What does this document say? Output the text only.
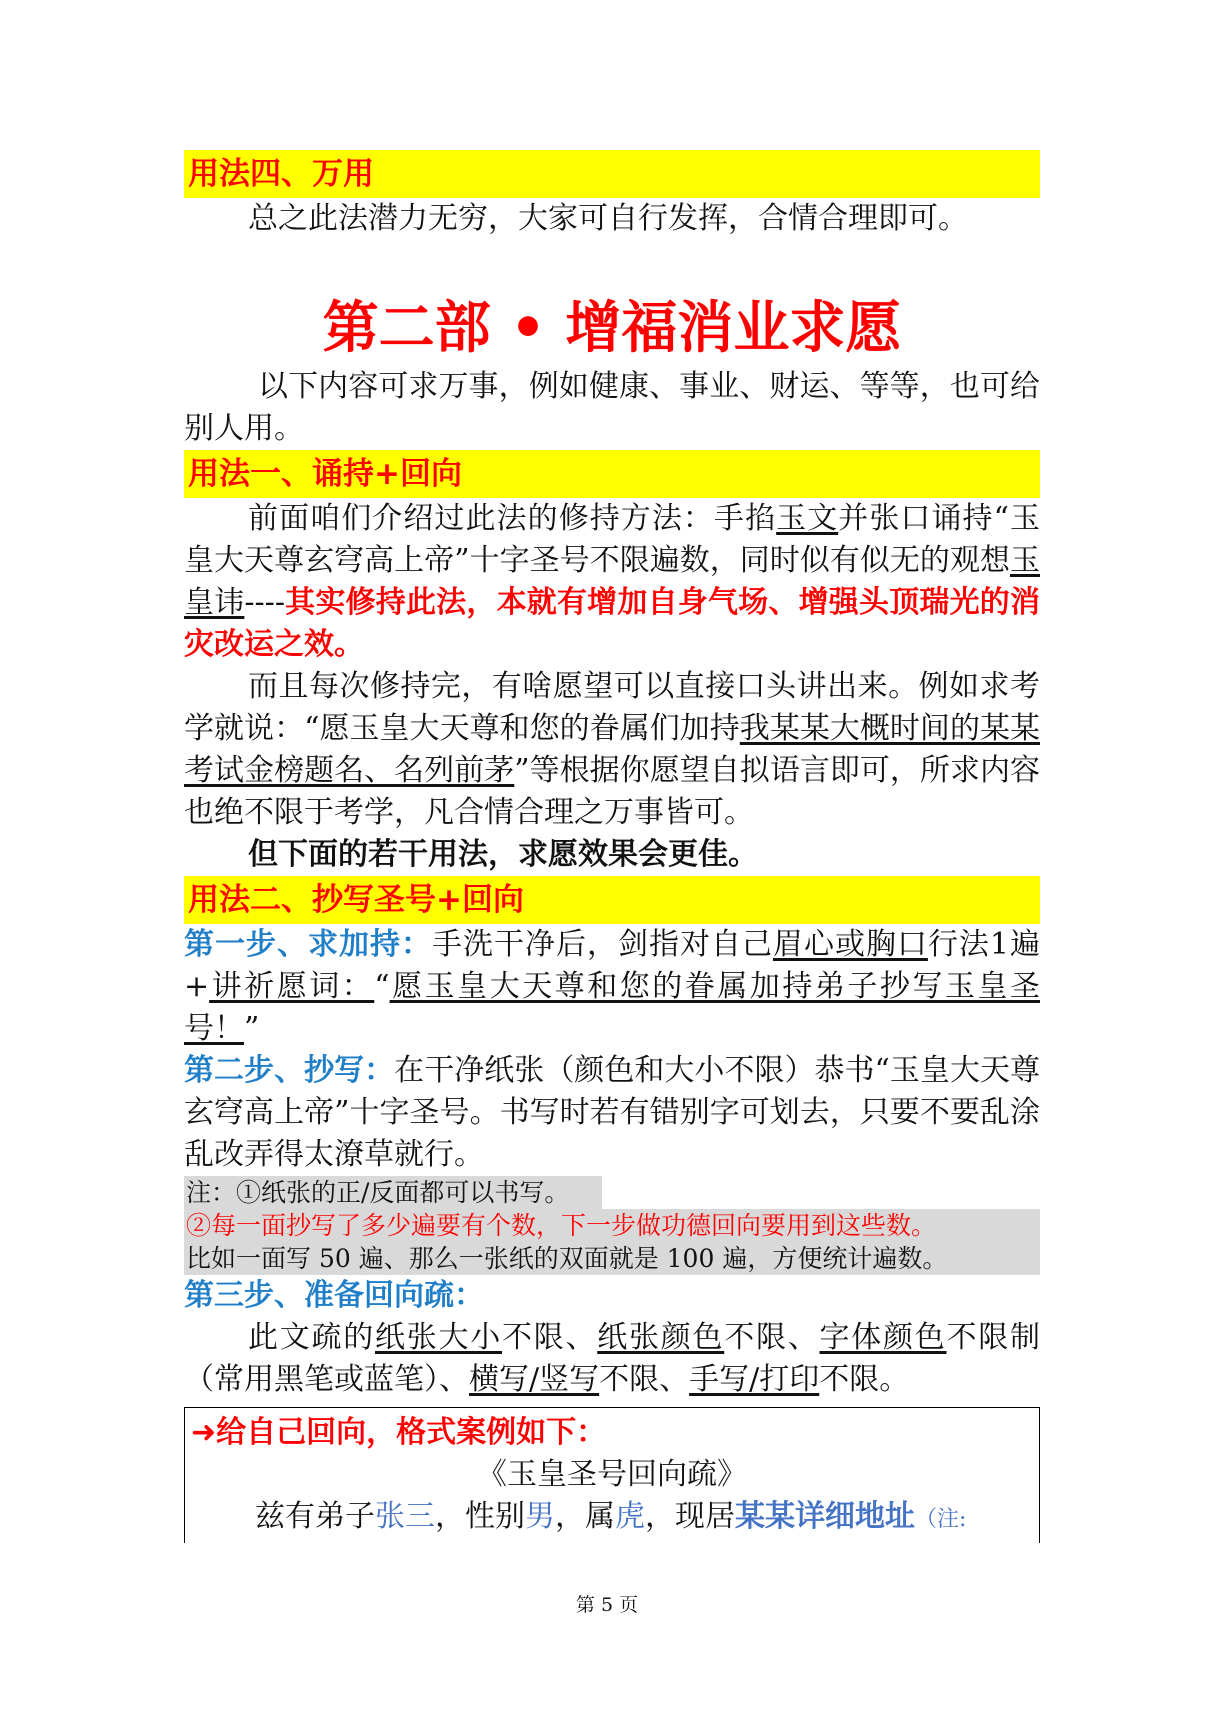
用法四、万用

总之此法潜力无穷，大家可自行发挥，合情合理即可。

第二部 • 增福消业求愿

以下内容可求万事，例如健康、事业、财运、等等，也可给别人用。

用法一、诵持+回向

前面咱们介绍过此法的修持方法：手掐玉文并张口诵持“玉皇大天尊玄穹高上帝”十字圣号不限遍数，同时似有似无的观想玉皇讳----其实修持此法，本就有增加自身气场、增强头顶瑞光的消灾改运之效。

而且每次修持完，有啥愿望可以直接口头讲出来。例如求考学就说：“愿玉皇大天尊和您的眷属们加持我某某大概时间的某某考试金榜题名、名列前茅”等根据你愿望自拟语言即可，所求内容也绝不限于考学，凡合情合理之万事皆可。

但下面的若干用法，求愿效果会更佳。

用法二、抄写圣号+回向

第一步、求加持：手洗干净后，剑指对自己眉心或胸口行法1遍+讲祈愿词：“愿玉皇大天尊和您的眷属加持弟子抄写玉皇圣号！”

第二步、抄写：在干净纸张（颜色和大小不限）恭书“玉皇大天尊玄穹高上帝”十字圣号。书写时若有错别字可划去，只要不要乱涂乱改弄得太潦草就行。

注：①纸张的正/反面都可以书写。
②每一面抄写了多少遍要有个数，下一步做功德回向要用到这些数。
比如一面写 50 遍、那么一张纸的双面就是 100 遍，方便统计遍数。

第三步、准备回向疏：

此文疏的纸张大小不限、纸张颜色不限、字体颜色不限制（常用黑笔或蓝笔）、横写/竖写不限、手写/打印不限。

➜给自己回向，格式案例如下：

《玉皇圣号回向疏》

兹有弟子张三，性别男，属虎，现居某某详细地址（注:

第 5 页
